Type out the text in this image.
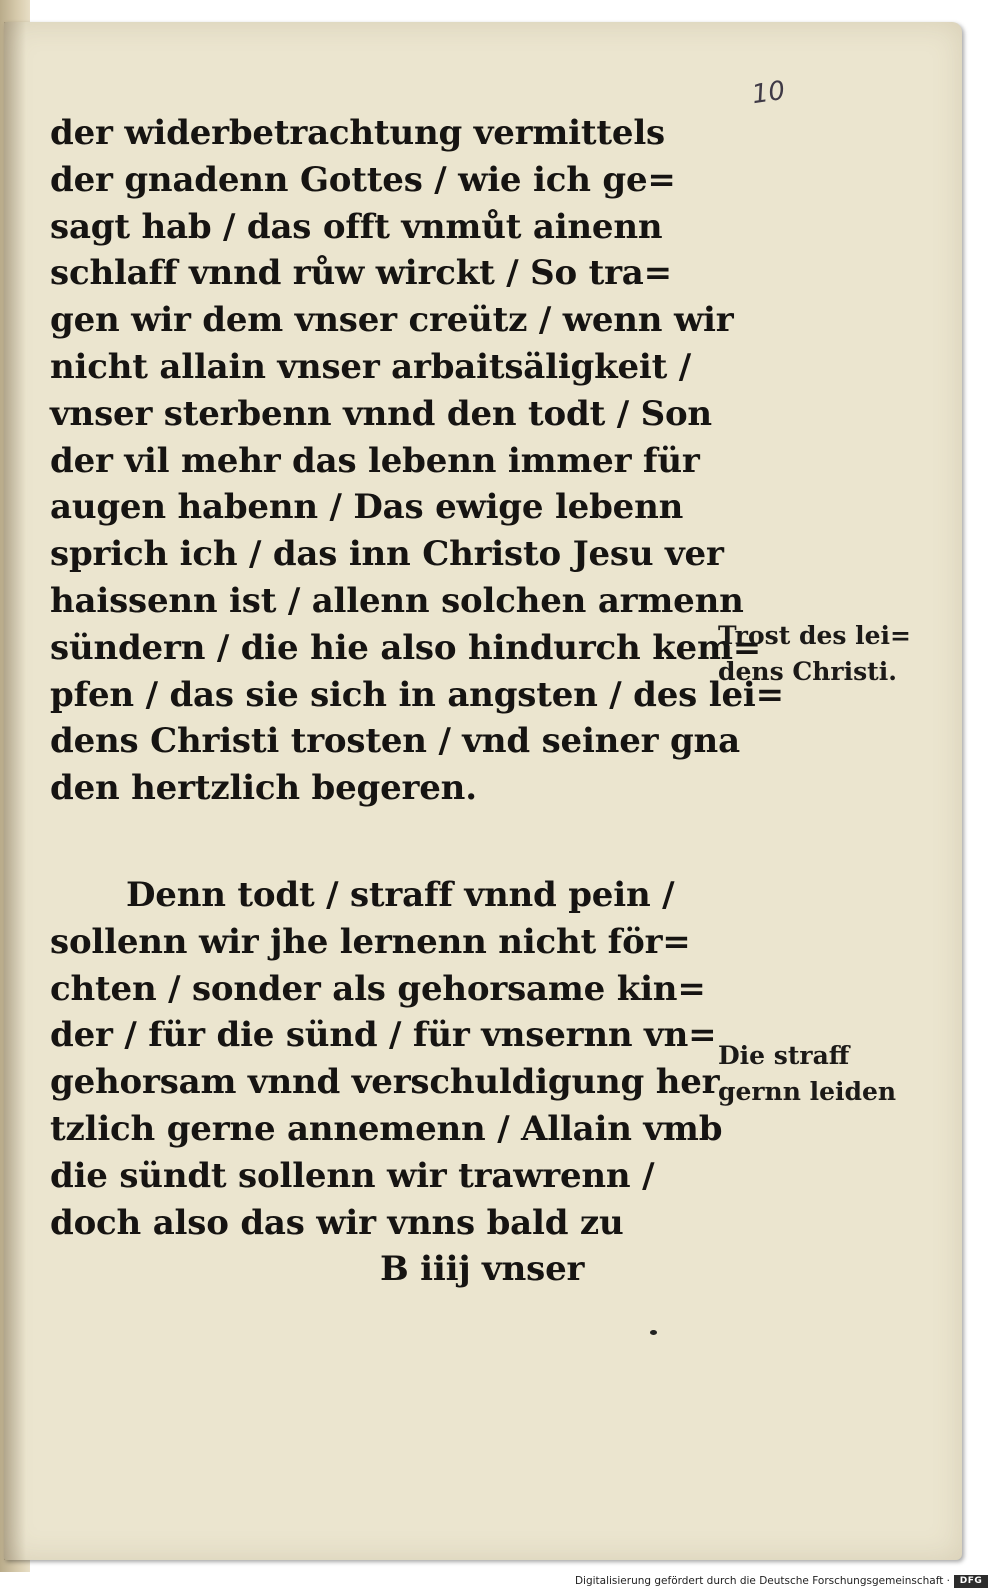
10
der widerbetrachtung vermittels
der gnadenn Gottes / wie ich ge=
sagt hab / das offt vnmůt ainenn
schlaff vnnd růw wirckt / So tra=
gen wir dem vnser creütz / wenn wir
nicht allain vnser arbaitsäligkeit /
vnser sterbenn vnnd den todt / Son
der vil mehr das lebenn immer für
augen habenn / Das ewige lebenn
sprich ich / das inn Christo Jesu ver
haissenn ist / allenn solchen armenn
sündern / die hie also hindurch kem=
pfen / das sie sich in angsten / des lei=
dens Christi trosten / vnd seiner gna
den hertzlich begeren.
Denn todt / straff vnnd pein /
sollenn wir jhe lernenn nicht för=
chten / sonder als gehorsame kin=
der / für die sünd / für vnsernn vn=
gehorsam vnnd verschuldigung her
tzlich gerne annemenn / Allain vmb
die sündt sollenn wir trawrenn /
doch also das wir vnns bald zu
B iiij vnser
Trost des lei=
dens Christi.
Die straff
gernn leiden
Digitalisierung gefördert durch die Deutsche Forschungsgemeinschaft ·	DFG
